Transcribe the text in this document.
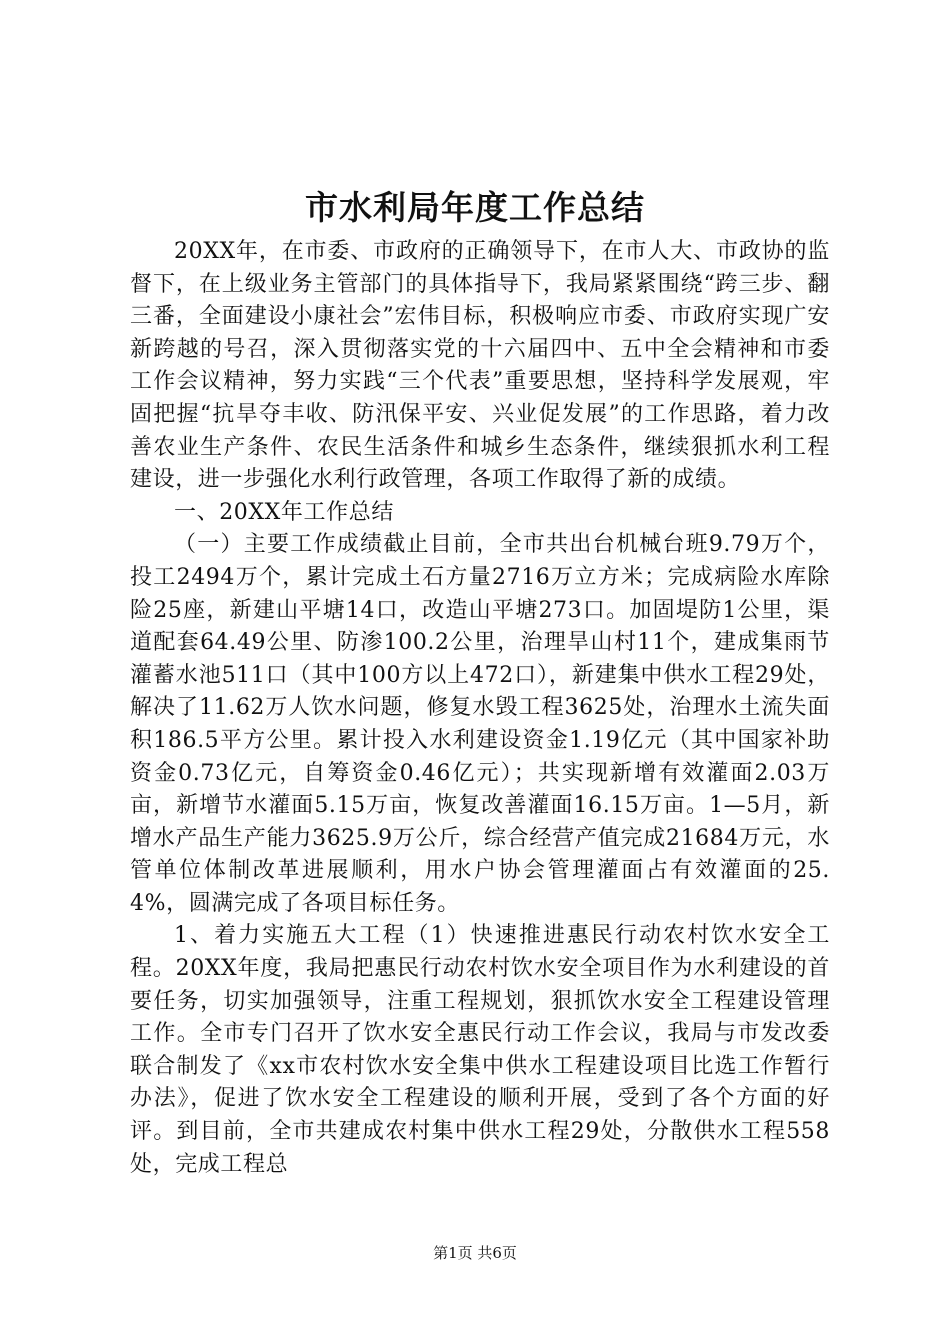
市水利局年度工作总结

20XX年，在市委、市政府的正确领导下，在市人大、市政协的监督下，在上级业务主管部门的具体指导下，我局紧紧围绕“跨三步、翻三番，全面建设小康社会”宏伟目标，积极响应市委、市政府实现广安新跨越的号召，深入贯彻落实党的十六届四中、五中全会精神和市委工作会议精神，努力实践“三个代表”重要思想，坚持科学发展观，牢固把握“抗旱夺丰收、防汛保平安、兴业促发展”的工作思路，着力改善农业生产条件、农民生活条件和城乡生态条件，继续狠抓水利工程建设，进一步强化水利行政管理，各项工作取得了新的成绩。

一、20XX年工作总结

（一）主要工作成绩截止目前，全市共出台机械台班9.79万个，投工2494万个，累计完成土石方量2716万立方米；完成病险水库除险25座，新建山平塘14口，改造山平塘273口。加固堤防1公里，渠道配套64.49公里、防渗100.2公里，治理旱山村11个，建成集雨节灌蓄水池511口（其中100方以上472口），新建集中供水工程29处，解决了11.62万人饮水问题，修复水毁工程3625处，治理水土流失面积186.5平方公里。累计投入水利建设资金1.19亿元（其中国家补助资金0.73亿元，自筹资金0.46亿元）；共实现新增有效灌面2.03万亩，新增节水灌面5.15万亩，恢复改善灌面16.15万亩。1—5月，新增水产品生产能力3625.9万公斤，综合经营产值完成21684万元，水管单位体制改革进展顺利，用水户协会管理灌面占有效灌面的25.4%，圆满完成了各项目标任务。

1、着力实施五大工程（1）快速推进惠民行动农村饮水安全工程。20XX年度，我局把惠民行动农村饮水安全项目作为水利建设的首要任务，切实加强领导，注重工程规划，狠抓饮水安全工程建设管理工作。全市专门召开了饮水安全惠民行动工作会议，我局与市发改委联合制发了《xx市农村饮水安全集中供水工程建设项目比选工作暂行办法》，促进了饮水安全工程建设的顺利开展，受到了各个方面的好评。到目前，全市共建成农村集中供水工程29处，分散供水工程558处，完成工程总

第1页 共6页
